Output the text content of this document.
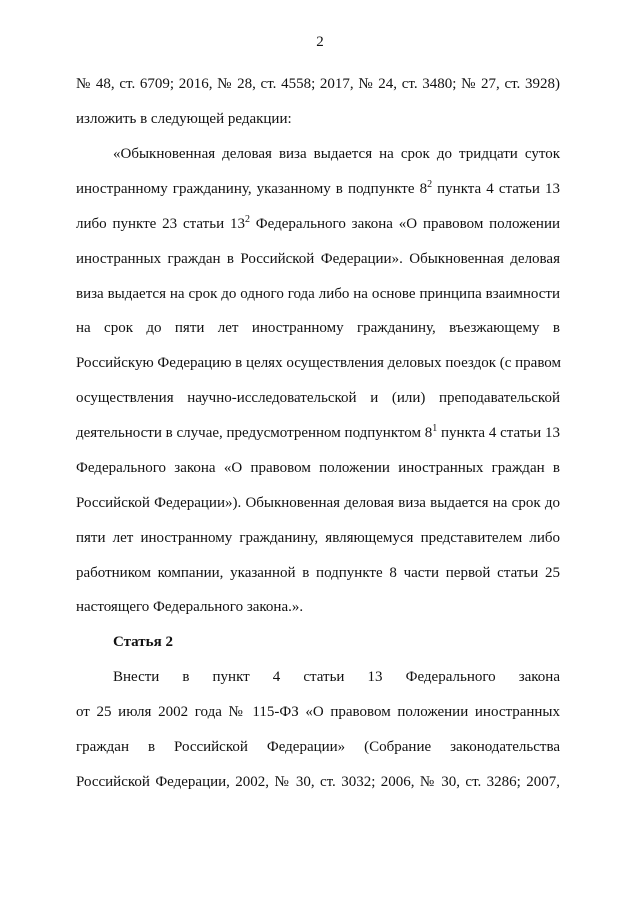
2
№ 48, ст. 6709; 2016, № 28, ст. 4558; 2017, № 24, ст. 3480; № 27, ст. 3928)
изложить в следующей редакции:
«Обыкновенная деловая виза выдается на срок до тридцати суток
иностранному гражданину, указанному в подпункте $8^2$ пункта 4 статьи 13
либо пункте 23 статьи $13^2$ Федерального закона «О правовом положении
иностранных граждан в Российской Федерации». Обыкновенная деловая
виза выдается на срок до одного года либо на основе принципа взаимности
на срок до пяти лет иностранному гражданину, въезжающему в
Российскую Федерацию в целях осуществления деловых поездок (с правом
осуществления научно-исследовательской и (или) преподавательской
деятельности в случае, предусмотренном подпунктом $8^1$ пункта 4 статьи 13
Федерального закона «О правовом положении иностранных граждан в
Российской Федерации»). Обыкновенная деловая виза выдается на срок до
пяти лет иностранному гражданину, являющемуся представителем либо
работником компании, указанной в подпункте 8 части первой статьи 25
настоящего Федерального закона.».
Статья 2
Внести в пункт 4 статьи 13 Федерального закона
от 25 июля 2002 года № 115-ФЗ «О правовом положении иностранных
граждан в Российской Федерации» (Собрание законодательства
Российской Федерации, 2002, № 30, ст. 3032; 2006, № 30, ст. 3286; 2007,
